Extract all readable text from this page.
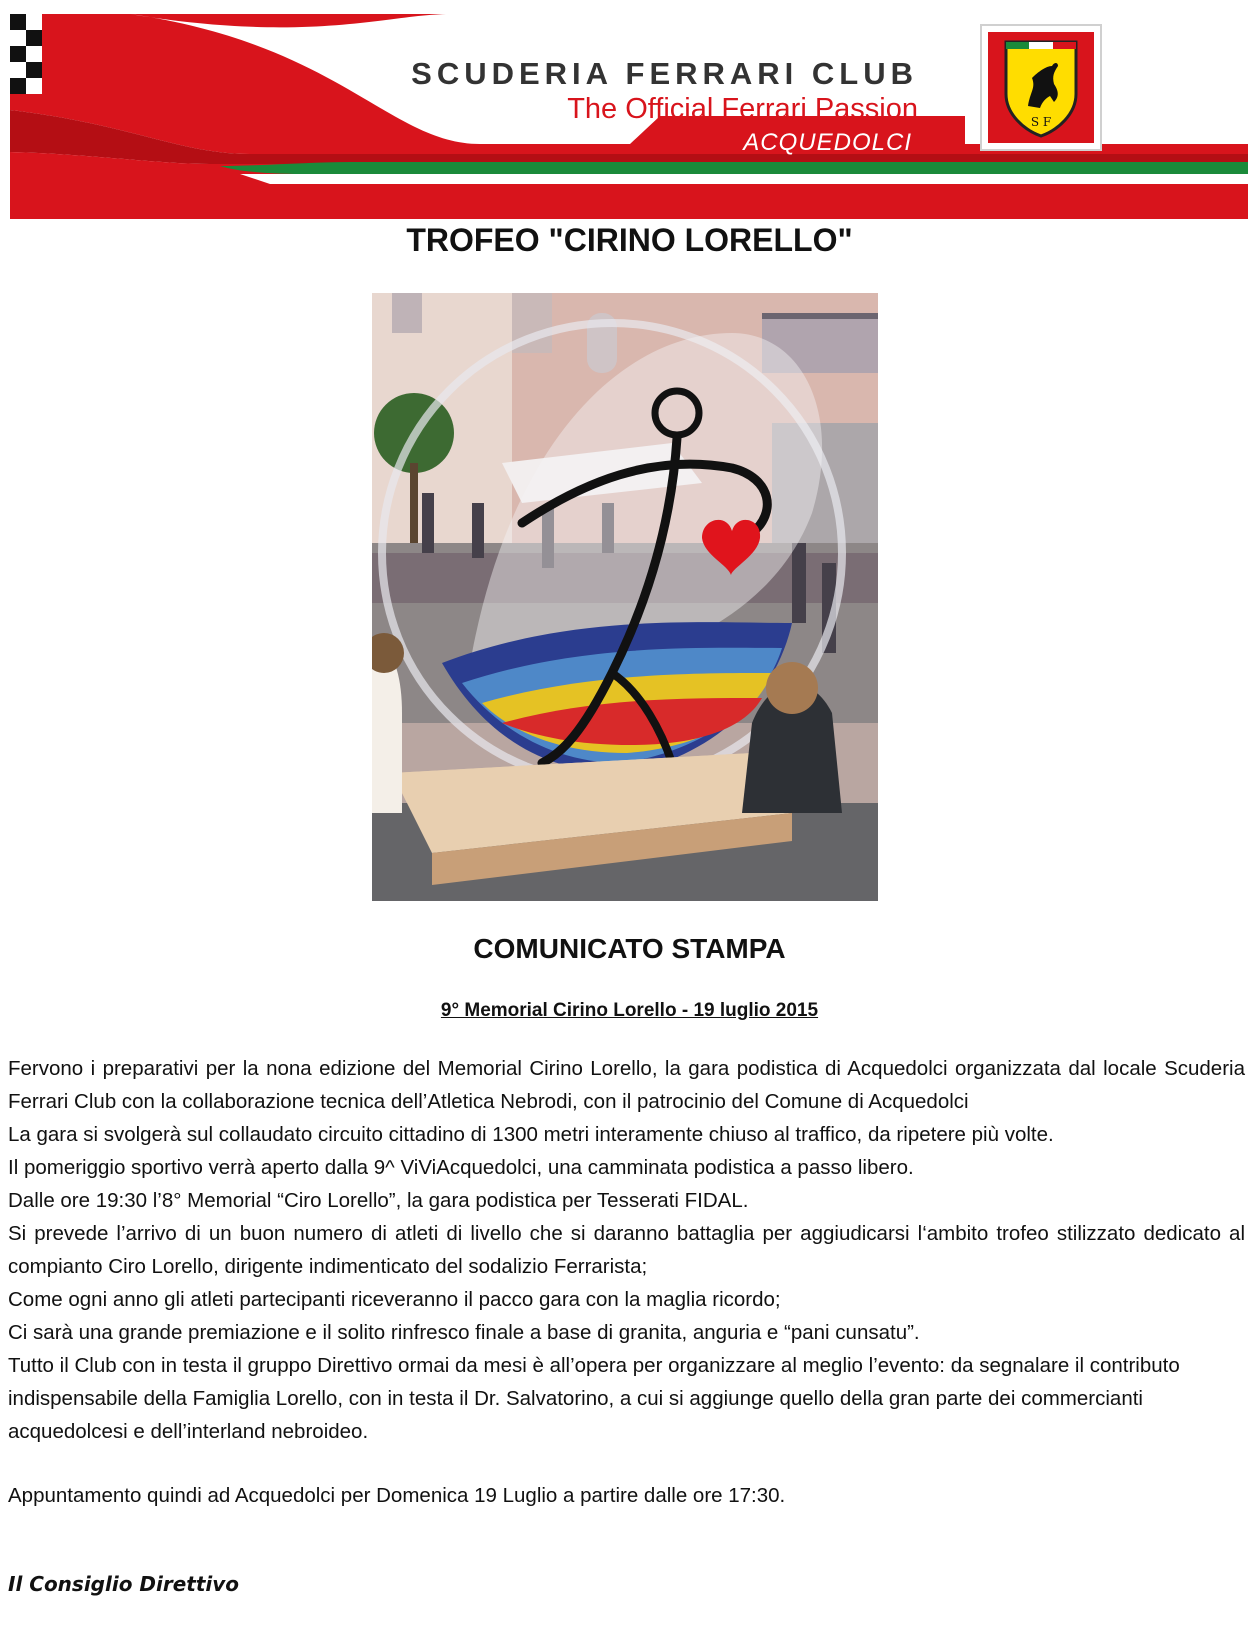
SCUDERIA FERRARI CLUB
The Official Ferrari Passion
ACQUEDOLCI
S F
TROFEO "CIRINO LORELLO"
COMUNICATO STAMPA
9° Memorial Cirino Lorello - 19 luglio 2015

Fervono i preparativi per la nona edizione del Memorial Cirino Lorello, la gara podistica di Acquedolci organizzata dal locale Scuderia Ferrari Club con la collaborazione tecnica dell’Atletica Nebrodi, con il patrocinio del Comune di Acquedolci

La gara si svolgerà sul collaudato circuito cittadino di 1300 metri interamente chiuso al traffico, da ripetere più volte.

Il pomeriggio sportivo verrà aperto dalla 9^ ViViAcquedolci, una camminata podistica a passo libero.

Dalle ore 19:30 l’8° Memorial “Ciro Lorello”, la gara podistica per Tesserati FIDAL.

Si prevede l’arrivo di un buon numero di atleti di livello che si daranno battaglia per aggiudicarsi l‘ambito trofeo stilizzato dedicato al compianto Ciro Lorello, dirigente indimenticato del sodalizio Ferrarista;

Come ogni anno gli atleti partecipanti riceveranno il pacco gara con la maglia ricordo;

Ci sarà una grande premiazione e il solito rinfresco finale a base di granita, anguria e “pani cunsatu”.

Tutto il Club con in testa il gruppo Direttivo ormai da mesi è all’opera per organizzare al meglio l’evento: da segnalare il contributo indispensabile della Famiglia Lorello, con in testa il Dr. Salvatorino, a cui si aggiunge quello della gran parte dei commercianti acquedolcesi e dell’interland nebroideo.

Appuntamento quindi ad Acquedolci per Domenica 19 Luglio a partire dalle ore 17:30.
Il Consiglio Direttivo
